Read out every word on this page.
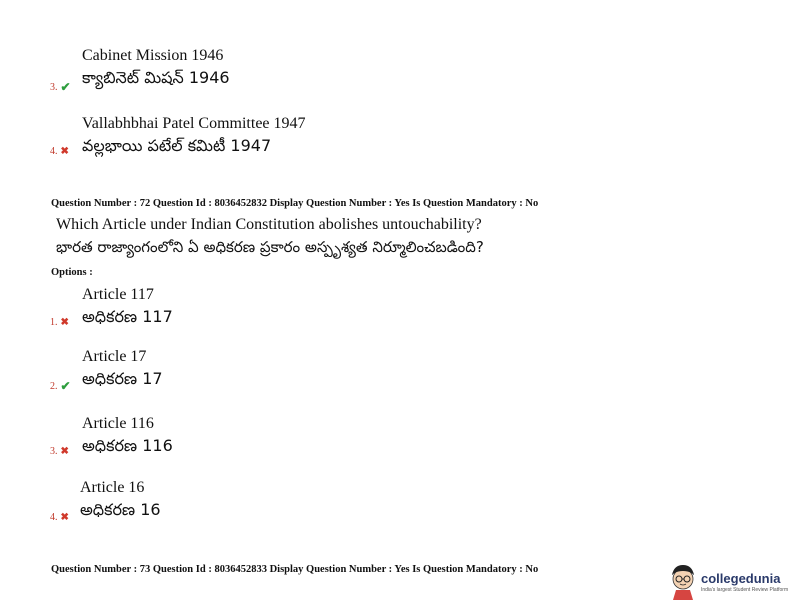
Cabinet Mission 1946
క్యాబినెట్ మిషన్ 1946
3. ✔
Vallabhbhai Patel Committee 1947
వల్లభాయి పటేల్ కమిటీ 1947
4. ✖
Question Number : 72 Question Id : 8036452832 Display Question Number : Yes Is Question Mandatory : No
Which Article under Indian Constitution abolishes untouchability?
భారత రాజ్యాంగంలోని ఏ అధికరణ ప్రకారం అస్పృశ్యత నిర్మూలించబడింది?
Options :
Article 117
అధికరణ 117
1. ✖
Article 17
అధికరణ 17
2. ✔
Article 116
అధికరణ 116
3. ✖
Article 16
అధికరణ 16
4. ✖
Question Number : 73 Question Id : 8036452833 Display Question Number : Yes Is Question Mandatory : No
collegedunia
India's largest Student Review Platform
